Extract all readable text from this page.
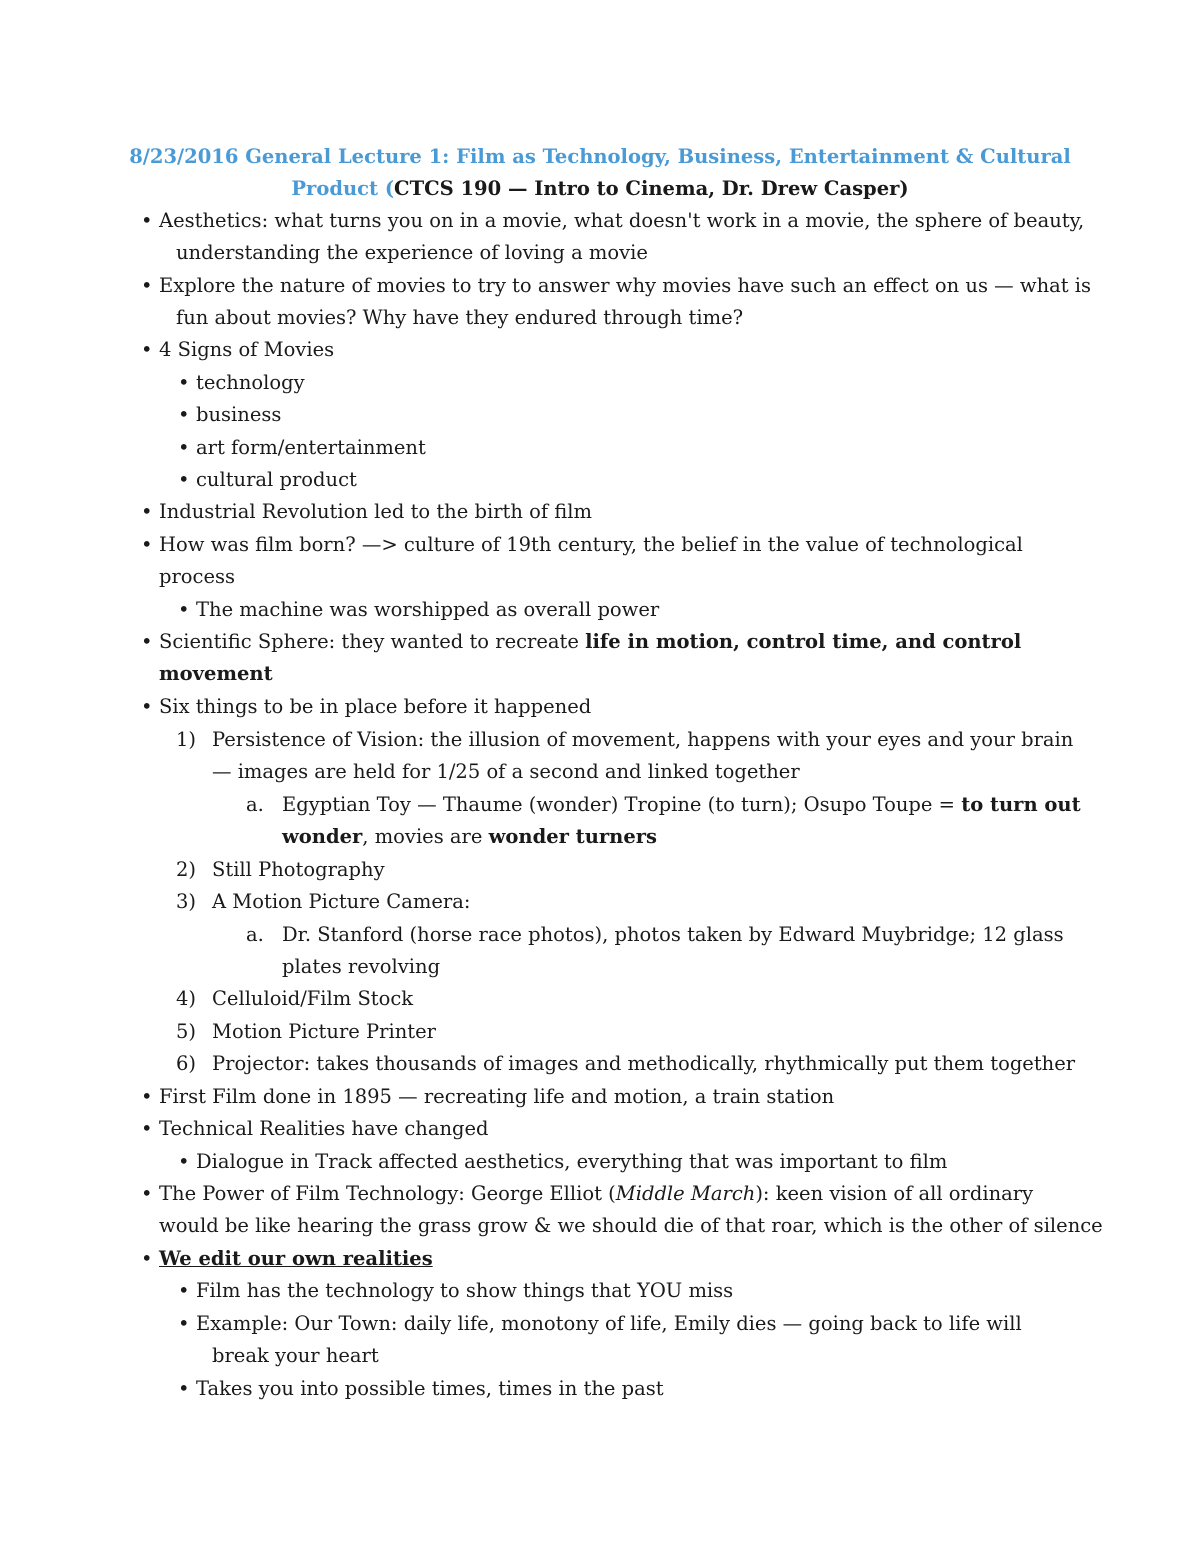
8/23/2016 General Lecture 1: Film as Technology, Business, Entertainment & Cultural
Product (CTCS 190 — Intro to Cinema, Dr. Drew Casper)
• Aesthetics: what turns you on in a movie, what doesn't work in a movie, the sphere of beauty,
understanding the experience of loving a movie
• Explore the nature of movies to try to answer why movies have such an effect on us — what is
fun about movies? Why have they endured through time?
• 4 Signs of Movies
• technology
• business
• art form/entertainment
• cultural product
• Industrial Revolution led to the birth of film
• How was film born? —> culture of 19th century, the belief in the value of technological
process
• The machine was worshipped as overall power
• Scientific Sphere: they wanted to recreate life in motion, control time, and control
movement
• Six things to be in place before it happened
1) Persistence of Vision: the illusion of movement, happens with your eyes and your brain
— images are held for 1/25 of a second and linked together
a. Egyptian Toy — Thaume (wonder) Tropine (to turn); Osupo Toupe = to turn out
wonder, movies are wonder turners
2) Still Photography
3) A Motion Picture Camera:
a. Dr. Stanford (horse race photos), photos taken by Edward Muybridge; 12 glass
plates revolving
4) Celluloid/Film Stock
5) Motion Picture Printer
6) Projector: takes thousands of images and methodically, rhythmically put them together
• First Film done in 1895 — recreating life and motion, a train station
• Technical Realities have changed
• Dialogue in Track affected aesthetics, everything that was important to film
• The Power of Film Technology: George Elliot (Middle March): keen vision of all ordinary
would be like hearing the grass grow & we should die of that roar, which is the other of silence
• We edit our own realities
• Film has the technology to show things that YOU miss
• Example: Our Town: daily life, monotony of life, Emily dies — going back to life will
break your heart
• Takes you into possible times, times in the past
